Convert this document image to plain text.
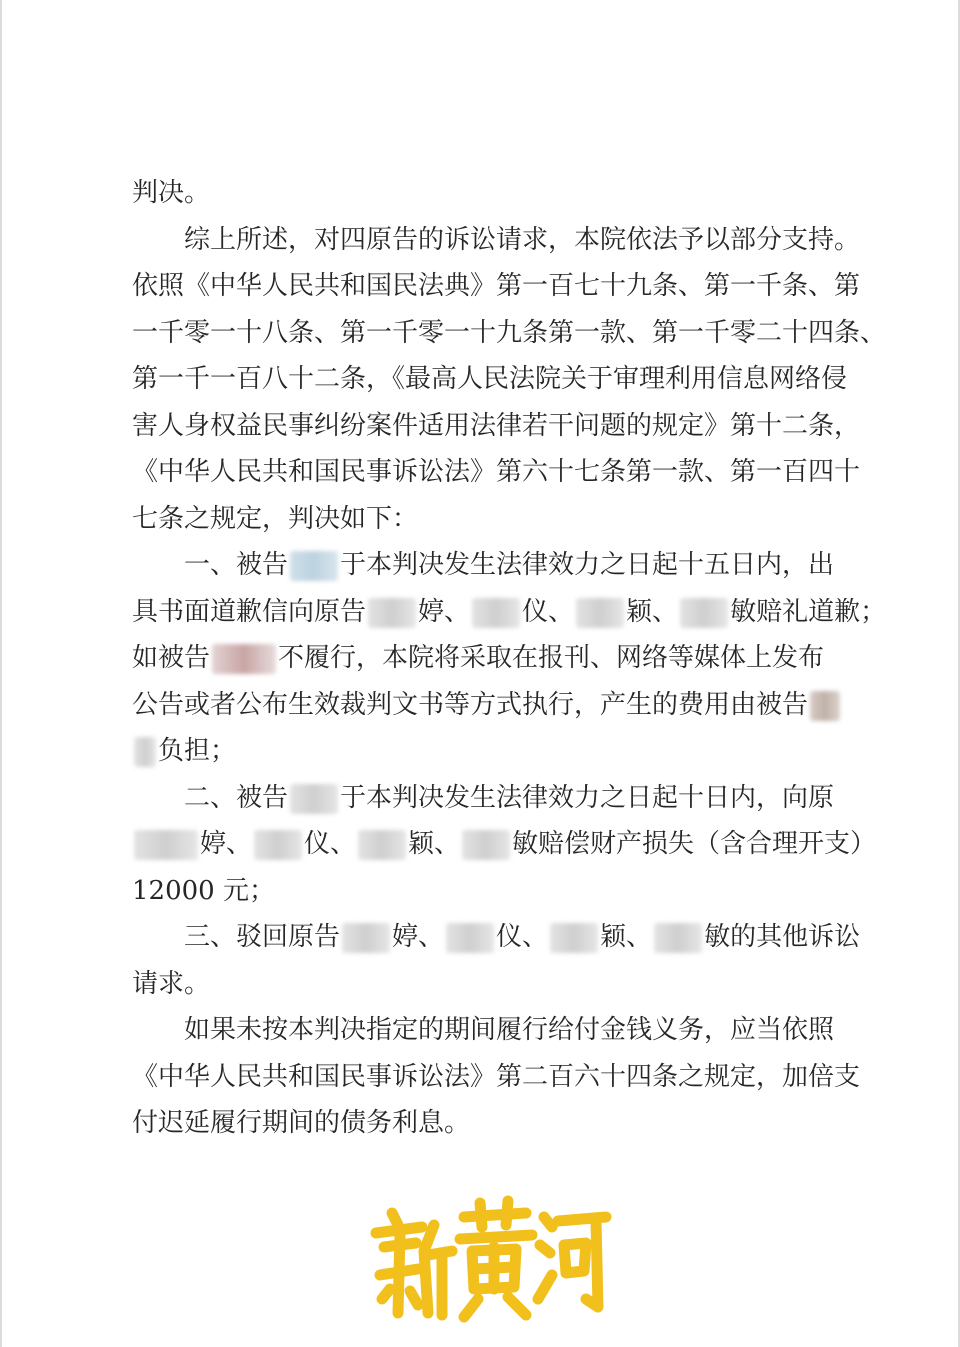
判决。
综上所述，对四原告的诉讼请求，本院依法予以部分支持。
依照《中华人民共和国民法典》第一百七十九条、第一千条、第
一千零一十八条、第一千零一十九条第一款、第一千零二十四条、
第一千一百八十二条，《最高人民法院关于审理利用信息网络侵
害人身权益民事纠纷案件适用法律若干问题的规定》第十二条，
《中华人民共和国民事诉讼法》第六十七条第一款、第一百四十
七条之规定，判决如下：
一、被告 于本判决发生法律效力之日起十五日内，出
具书面道歉信向原告 婷、 仪、 颖、 敏赔礼道歉；
如被告	不履行，本院将采取在报刊、网络等媒体上发布
公告或者公布生效裁判文书等方式执行，产生的费用由被告
负担；
二、被告 于本判决发生法律效力之日起十日内，向原
婷、 仪、 颖、 敏赔偿财产损失（含合理开支）
12000 元；
三、驳回原告 婷、 仪、 颖、 敏的其他诉讼
请求。
如果未按本判决指定的期间履行给付金钱义务，应当依照
《中华人民共和国民事诉讼法》第二百六十四条之规定，加倍支
付迟延履行期间的债务利息。
